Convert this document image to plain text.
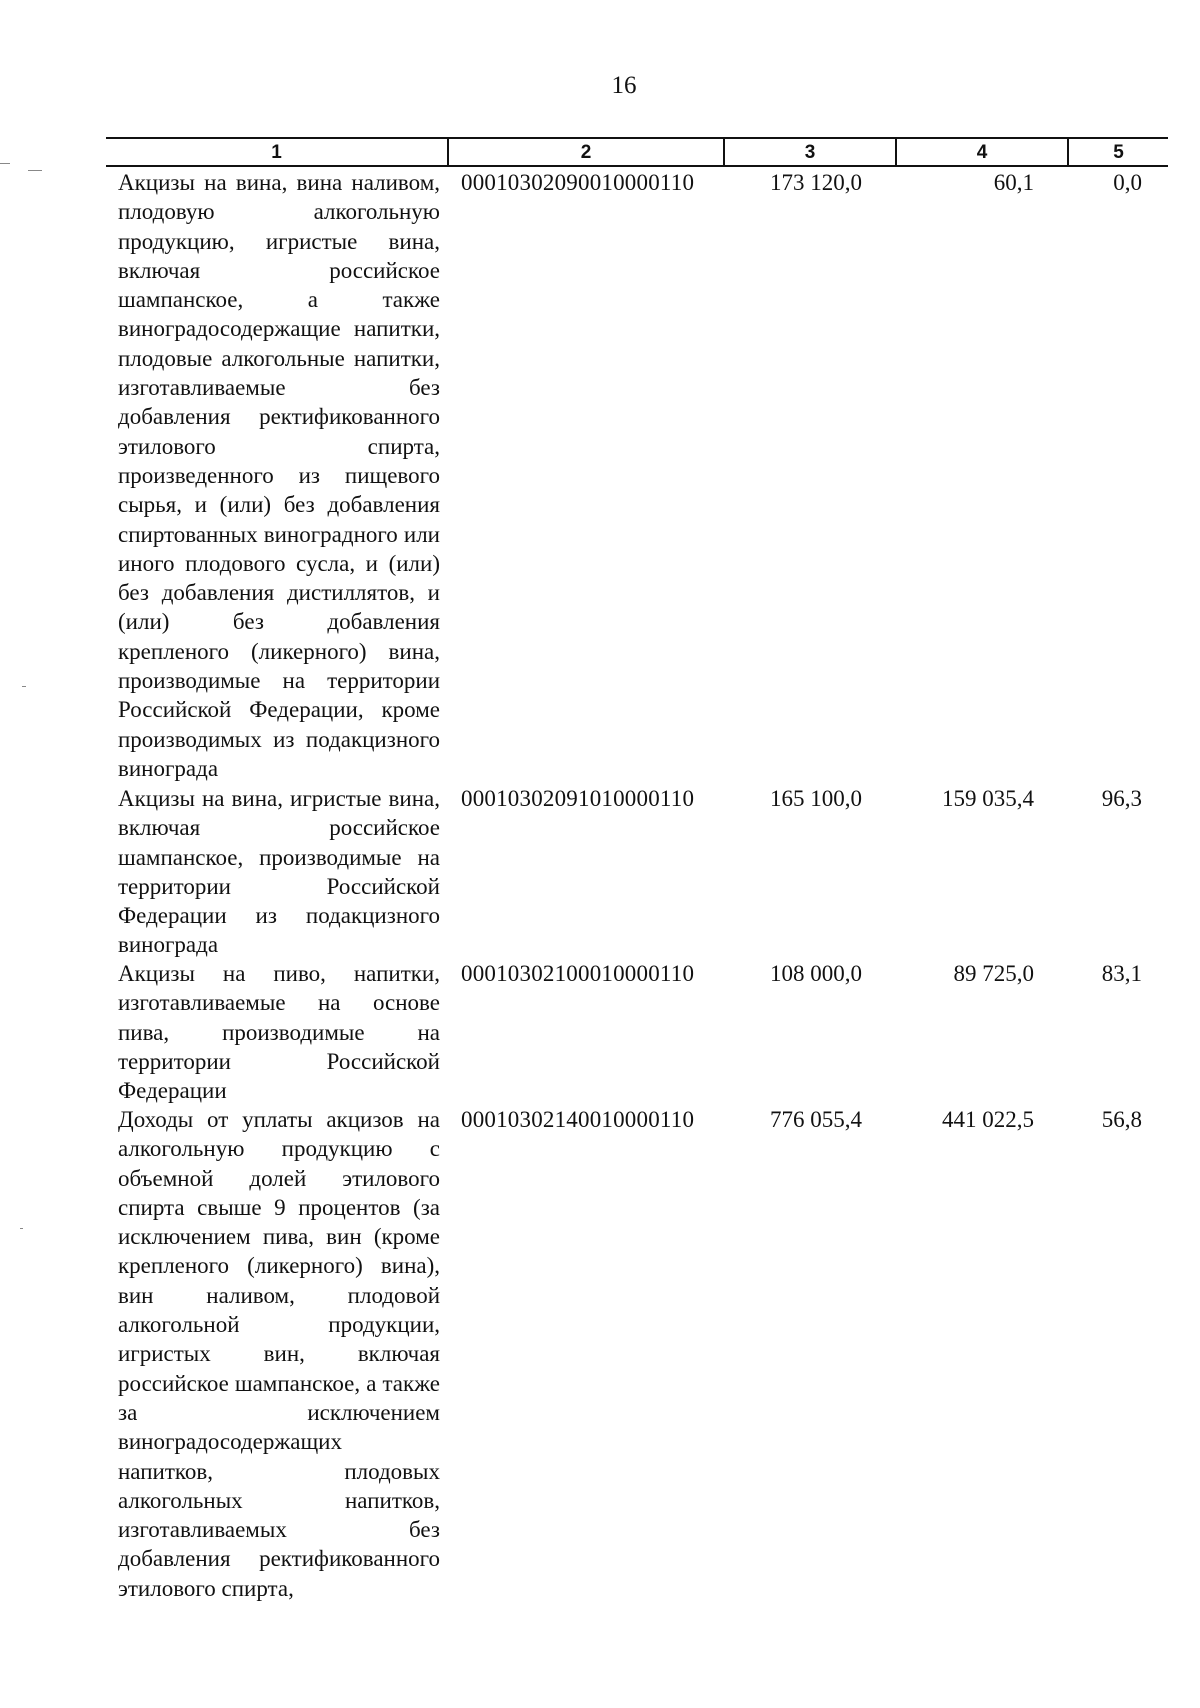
16
1	2	3	4	5
Акцизы на вина, вина наливом, плодовую алкогольную продукцию, игристые вина, включая российское шампанское, а также виноградосодержащие напитки, плодовые алкогольные напитки, изготавливаемые без добавления ректификованного этилового спирта, произведенного из пищевого сырья, и (или) без добавления спиртованных виноградного или иного плодового сусла, и (или) без добавления дистиллятов, и (или) без добавления крепленого (ликерного) вина, производимые на территории Российской Федерации, кроме производимых из подакцизного винограда
00010302090010000110	173 120,0	60,1	0,0
Акцизы на вина, игристые вина, включая российское шампанское, производимые на территории Российской Федерации из подакцизного винограда
00010302091010000110	165 100,0	159 035,4	96,3
Акцизы на пиво, напитки, изготавливаемые на основе пива, производимые на территории Российской Федерации
00010302100010000110	108 000,0	89 725,0	83,1
Доходы от уплаты акцизов на алкогольную продукцию с объемной долей этилового спирта свыше 9 процентов (за исключением пива, вин (кроме крепленого (ликерного) вина), вин наливом, плодовой алкогольной продукции, игристых вин, включая российское шампанское, а также за исключением виноградосодержащих напитков, плодовых алкогольных напитков, изготавливаемых без добавления ректификованного этилового спирта,
00010302140010000110	776 055,4	441 022,5	56,8
